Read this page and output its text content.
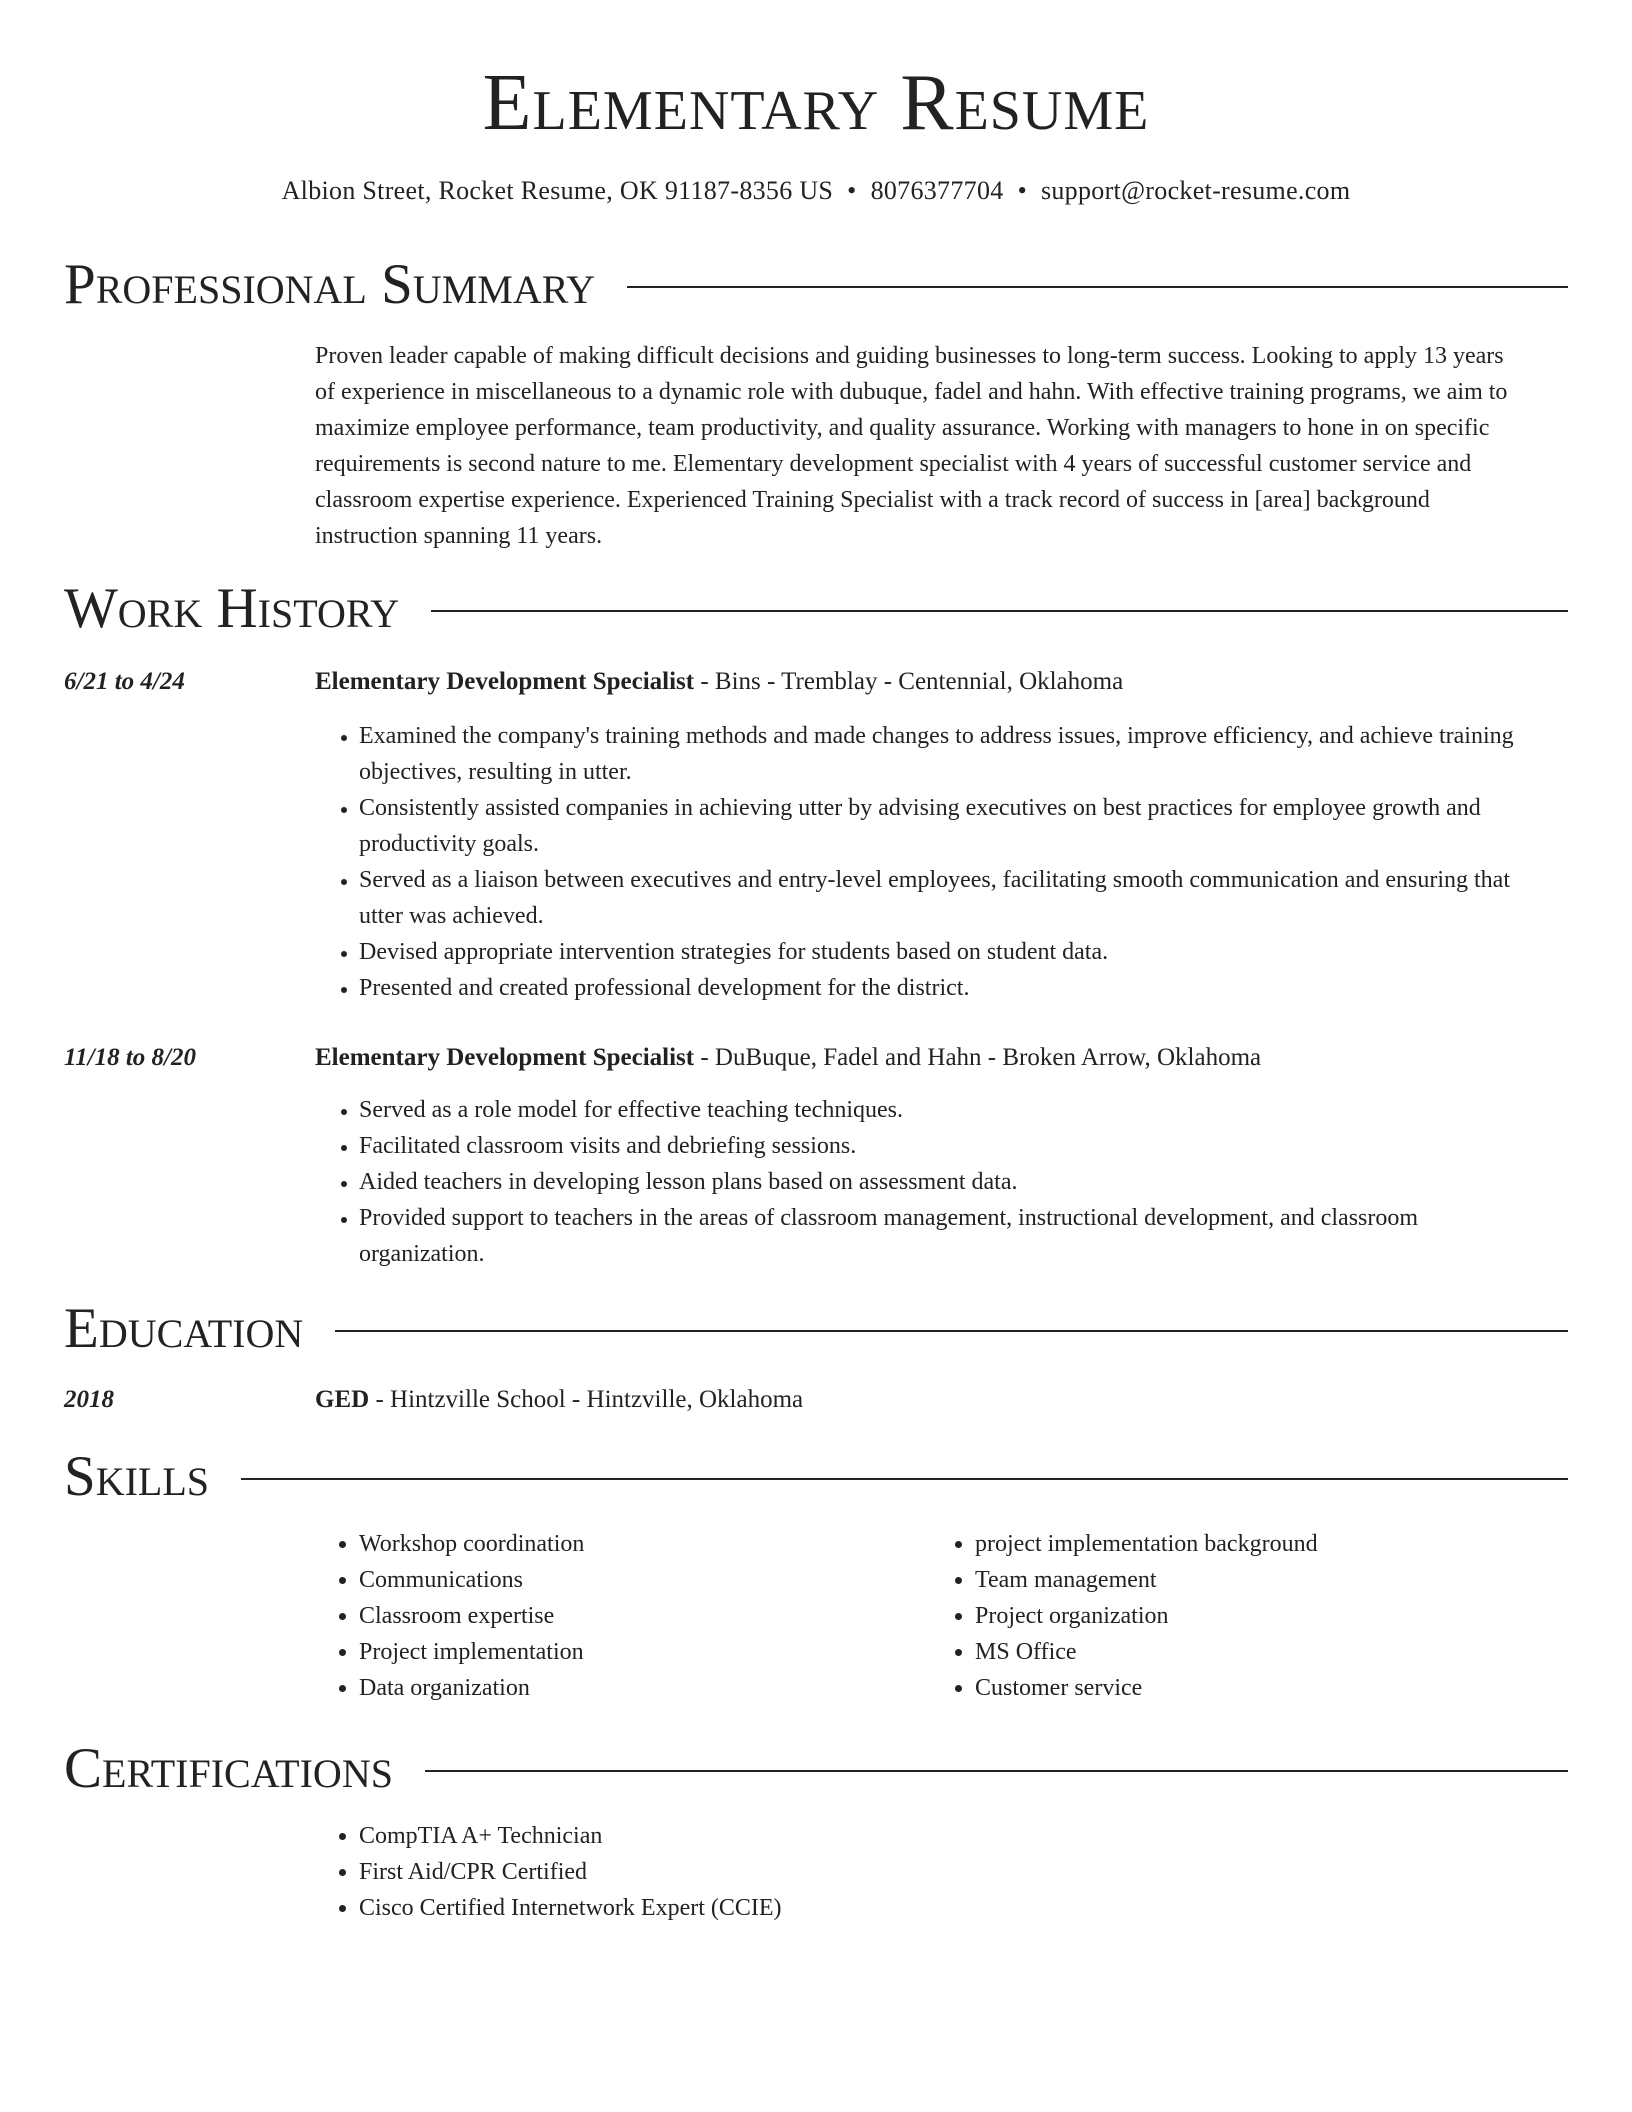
Elementary Resume
Albion Street, Rocket Resume, OK 91187-8356 US • 8076377704 • support@rocket-resume.com
Professional Summary
Proven leader capable of making difficult decisions and guiding businesses to long-term success. Looking to apply 13 years
of experience in miscellaneous to a dynamic role with dubuque, fadel and hahn. With effective training programs, we aim to
maximize employee performance, team productivity, and quality assurance. Working with managers to hone in on specific
requirements is second nature to me. Elementary development specialist with 4 years of successful customer service and
classroom expertise experience. Experienced Training Specialist with a track record of success in [area] background
instruction spanning 11 years.
Work History
6/21 to 4/24	Elementary Development Specialist - Bins - Tremblay - Centennial, Oklahoma
• Examined the company's training methods and made changes to address issues, improve efficiency, and achieve training
objectives, resulting in utter.
• Consistently assisted companies in achieving utter by advising executives on best practices for employee growth and
productivity goals.
• Served as a liaison between executives and entry-level employees, facilitating smooth communication and ensuring that
utter was achieved.
• Devised appropriate intervention strategies for students based on student data.
• Presented and created professional development for the district.
11/18 to 8/20	Elementary Development Specialist - DuBuque, Fadel and Hahn - Broken Arrow, Oklahoma
• Served as a role model for effective teaching techniques.
• Facilitated classroom visits and debriefing sessions.
• Aided teachers in developing lesson plans based on assessment data.
• Provided support to teachers in the areas of classroom management, instructional development, and classroom
organization.
Education
2018	GED - Hintzville School - Hintzville, Oklahoma
Skills
• Workshop coordination
• Communications
• Classroom expertise
• Project implementation
• Data organization
• project implementation background
• Team management
• Project organization
• MS Office
• Customer service
Certifications
• CompTIA A+ Technician
• First Aid/CPR Certified
• Cisco Certified Internetwork Expert (CCIE)
